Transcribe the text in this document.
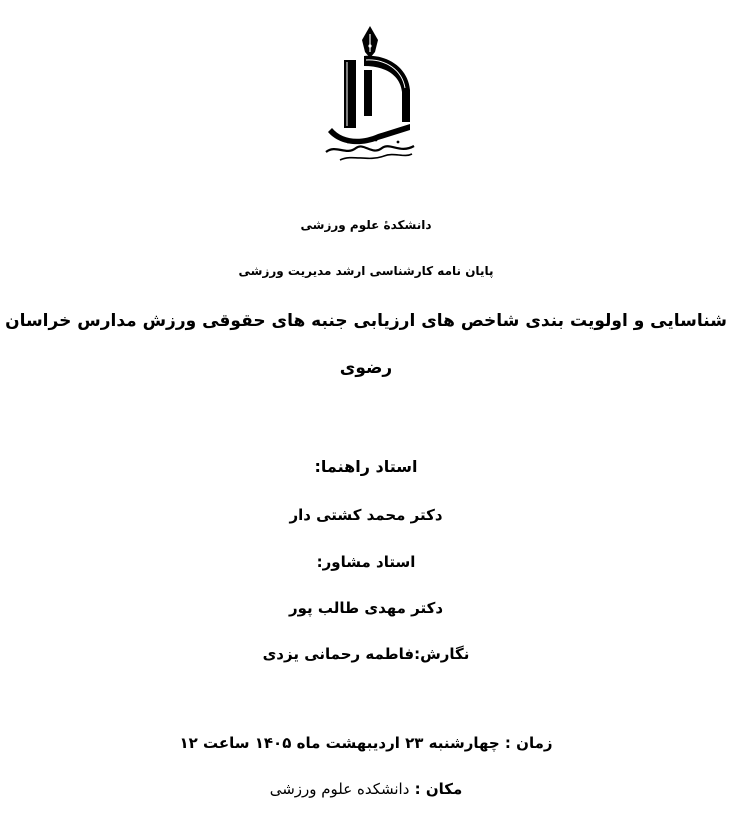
دانشکدهٔ علوم ورزشی
پایان نامه کارشناسی ارشد مدیریت ورزشی
شناسایی و اولویت بندی شاخص های ارزیابی جنبه های حقوقی ورزش مدارس خراسان
رضوی
استاد راهنما:
دکتر محمد کشتی دار
استاد مشاور:
دکتر مهدی طالب پور
نگارش:فاطمه رحمانی یزدی
زمان : چهارشنبه ۲۳ اردیبهشت ماه ۱۴۰۵ ساعت ۱۲
مکان : دانشکده علوم ورزشی
